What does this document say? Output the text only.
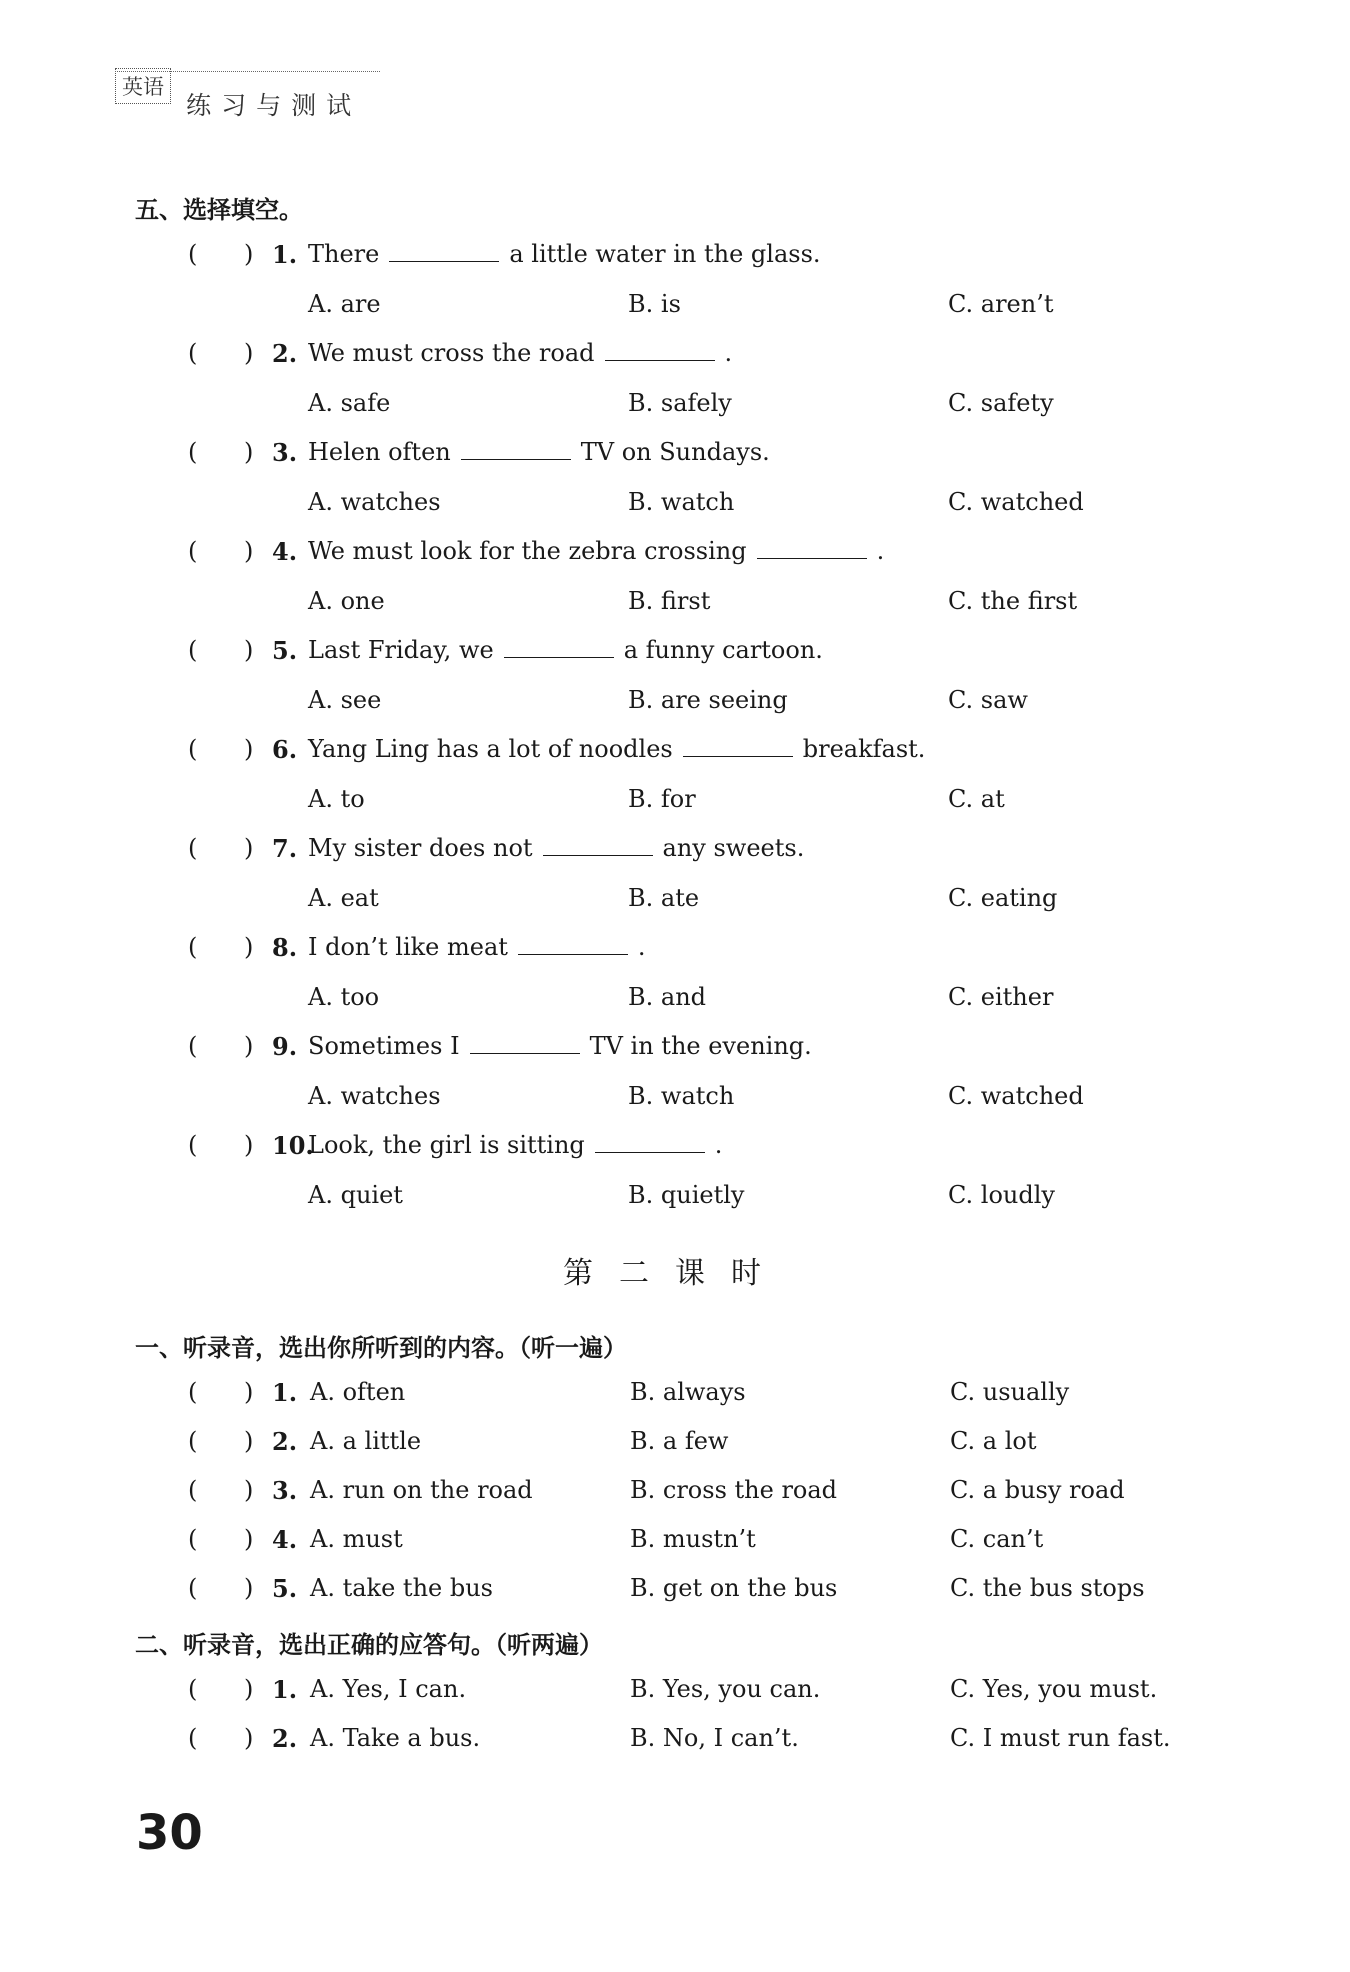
英语 练习与测试
五、选择填空。
( ) 1. There	a little water in the glass.
A. are	B. is	C. aren’t
( ) 2. We must cross the road	.
A. safe	B. safely	C. safety
( ) 3. Helen often	TV on Sundays.
A. watches	B. watch	C. watched
( ) 4. We must look for the zebra crossing	.
A. one	B. first	C. the first
( ) 5. Last Friday, we	a funny cartoon.
A. see	B. are seeing	C. saw
( ) 6. Yang Ling has a lot of noodles	breakfast.
A. to	B. for	C. at
( ) 7. My sister does not	any sweets.
A. eat	B. ate	C. eating
( ) 8. I don’t like meat	.
A. too	B. and	C. either
( ) 9. Sometimes I	TV in the evening.
A. watches	B. watch	C. watched
( ) 10.
Look, the girl is sitting	.
A. quiet	B. quietly	C. loudly
第二课时
一、听录音，选出你所听到的内容。（听一遍）
( ) 1. A. often	B. always	C. usually
( ) 2. A. a little	B. a few	C. a lot
( ) 3. A. run on the road	B. cross the road	C. a busy road
( ) 4. A. must	B. mustn’t	C. can’t
( ) 5. A. take the bus	B. get on the bus	C. the bus stops
二、听录音，选出正确的应答句。（听两遍）
( ) 1. A. Yes, I can.	B. Yes, you can.	C. Yes, you must.
( ) 2. A. Take a bus.	B. No, I can’t.	C. I must run fast.
30
